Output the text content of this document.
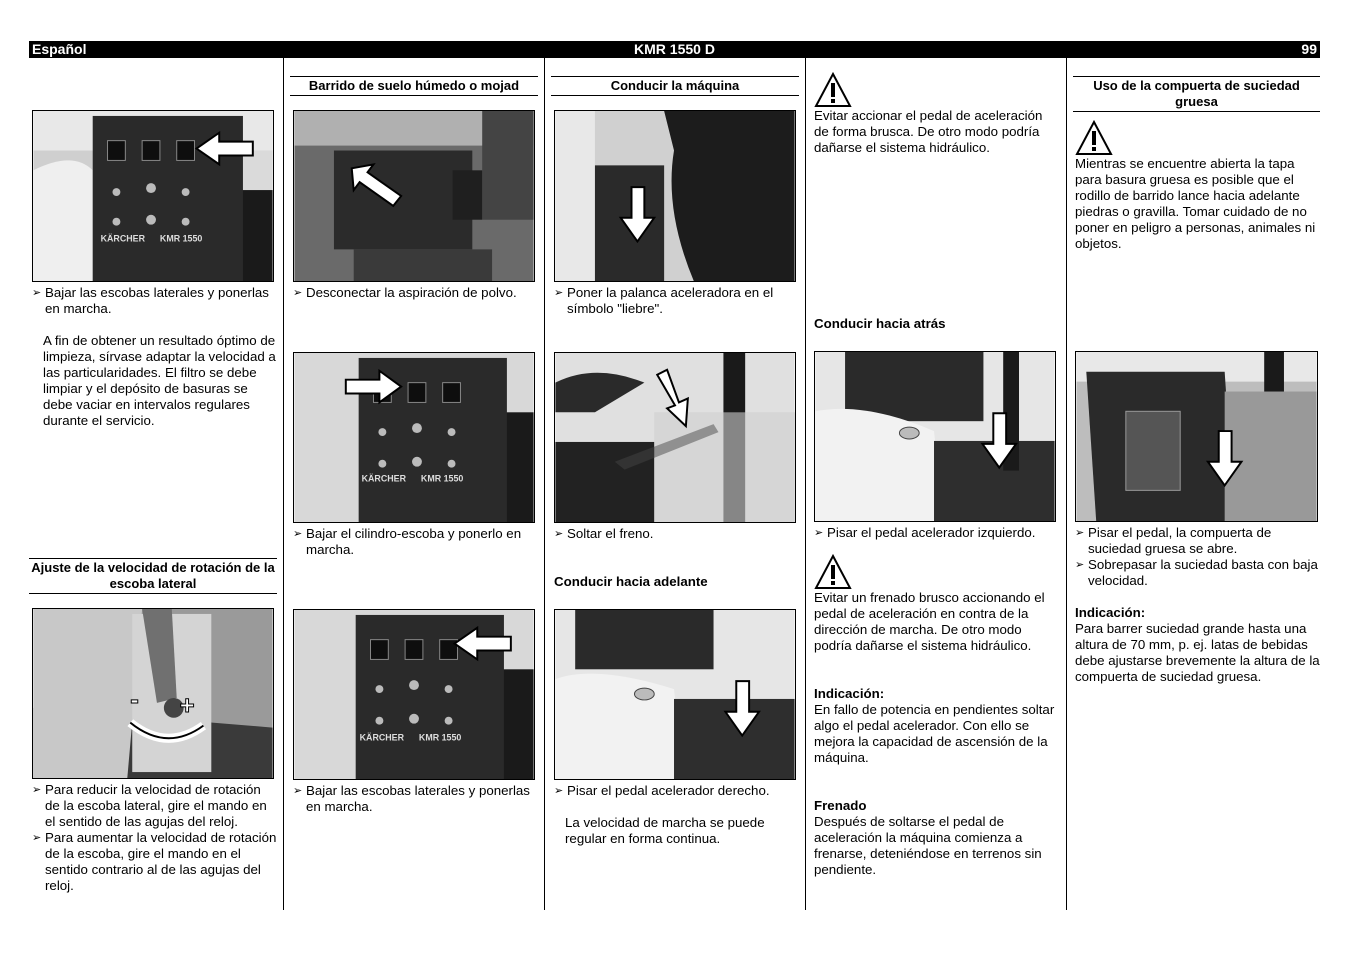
Español	KMR 1550 D	99
KÄRCHER KMR 1550
➢ Bajar las escobas laterales y ponerlas en marcha.
A fin de obtener un resultado óptimo de limpieza, sírvase adaptar la velocidad a las particularidades. El filtro se debe limpiar y el depósito de basuras se debe vaciar en intervalos regulares durante el servicio.
Ajuste de la velocidad de rotación de la escoba lateral
- +
➢ Para reducir la velocidad de rotación de la escoba lateral, gire el mando en el sentido de las agujas del reloj.
➢ Para aumentar la velocidad de rotación de la escoba, gire el mando en el sentido contrario al de las agujas del reloj.
Barrido de suelo húmedo o mojad
➢ Desconectar la aspiración de polvo.
KÄRCHER KMR 1550
➢ Bajar el cilindro-escoba y ponerlo en marcha.
KÄRCHER KMR 1550
➢ Bajar las escobas laterales y ponerlas en marcha.
Conducir la máquina
➢ Poner la palanca aceleradora en el símbolo "liebre".
➢ Soltar el freno.
Conducir hacia adelante
➢ Pisar el pedal acelerador derecho.
La velocidad de marcha se puede regular en forma continua.
Evitar accionar el pedal de aceleración de forma brusca. De otro modo podría dañarse el sistema hidráulico.
Conducir hacia atrás
➢ Pisar el pedal acelerador izquierdo.
Evitar un frenado brusco accionando el pedal de aceleración en contra de la dirección de marcha. De otro modo podría dañarse el sistema hidráulico.
Indicación:
En fallo de potencia en pendientes soltar algo el pedal acelerador. Con ello se mejora la capacidad de ascensión de la máquina.
Frenado
Después de soltarse el pedal de aceleración la máquina comienza a frenarse, deteniéndose en terrenos sin pendiente.
Uso de la compuerta de suciedad gruesa
Mientras se encuentre abierta la tapa para basura gruesa es posible que el rodillo de barrido lance hacia adelante piedras o gravilla. Tomar cuidado de no poner en peligro a personas, animales ni objetos.
➢ Pisar el pedal, la compuerta de suciedad gruesa se abre.
➢ Sobrepasar la suciedad basta con baja velocidad.
Indicación:
Para barrer suciedad grande hasta una altura de 70 mm, p. ej. latas de bebidas debe ajustarse brevemente la altura de la compuerta de suciedad gruesa.
